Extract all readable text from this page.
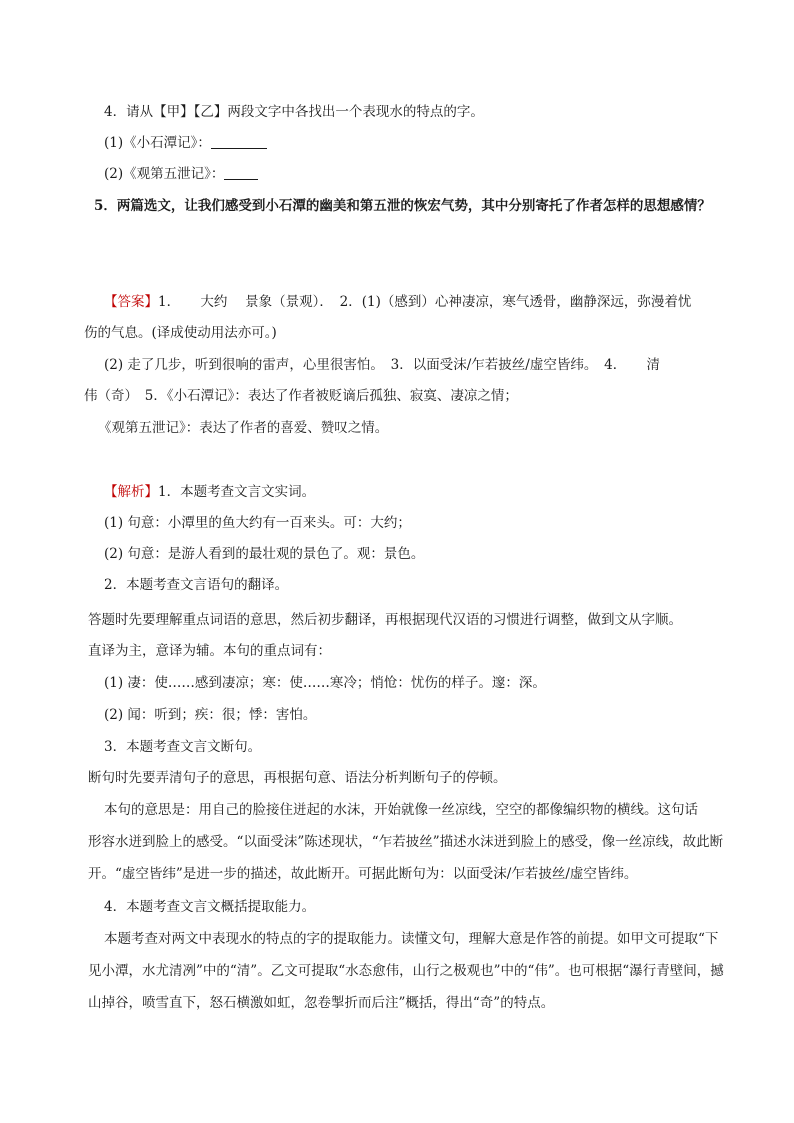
4．请从【甲】【乙】两段文字中各找出一个表现水的特点的字。
(1)《小石潭记》：
(2)《观第五泄记》：
5．两篇选文，让我们感受到小石潭的幽美和第五泄的恢宏气势，其中分别寄托了作者怎样的思想感情？
【答案】1．　　大约　 景象（景观）．　2．(1)（感到）心神凄凉，寒气透骨，幽静深远，弥漫着忧
伤的气息。(译成使动用法亦可。)
(2) 走了几步，听到很响的雷声，心里很害怕。　3．以面受沫/乍若披丝/虚空皆纬。　4．　　清
伟（奇）　5．《小石潭记》：表达了作者被贬谪后孤独、寂寞、凄凉之情；
《观第五泄记》：表达了作者的喜爱、赞叹之情。
【解析】1．本题考查文言文实词。
(1) 句意：小潭里的鱼大约有一百来头。可：大约；
(2) 句意：是游人看到的最壮观的景色了。观：景色。
2．本题考查文言语句的翻译。
答题时先要理解重点词语的意思，然后初步翻译，再根据现代汉语的习惯进行调整，做到文从字顺。
直译为主，意译为辅。本句的重点词有：
(1) 凄：使……感到凄凉；寒：使……寒冷；悄怆：忧伤的样子。邃：深。
(2) 闻：听到；疾：很；悸：害怕。
3．本题考查文言文断句。
断句时先要弄清句子的意思，再根据句意、语法分析判断句子的停顿。
本句的意思是：用自己的脸接住迸起的水沫，开始就像一丝凉线，空空的都像编织物的横线。这句话
形容水迸到脸上的感受。“以面受沫”陈述现状，“乍若披丝”描述水沫迸到脸上的感受，像一丝凉线，故此断
开。“虚空皆纬”是进一步的描述，故此断开。可据此断句为：以面受沫/乍若披丝/虚空皆纬。
4．本题考查文言文概括提取能力。
本题考查对两文中表现水的特点的字的提取能力。读懂文句，理解大意是作答的前提。如甲文可提取“下
见小潭，水尤清冽”中的“清”。乙文可提取“水态愈伟，山行之极观也”中的“伟”。也可根据“瀑行青壁间，撼
山掉谷，喷雪直下，怒石横激如虹，忽卷掣折而后注”概括，得出“奇”的特点。
